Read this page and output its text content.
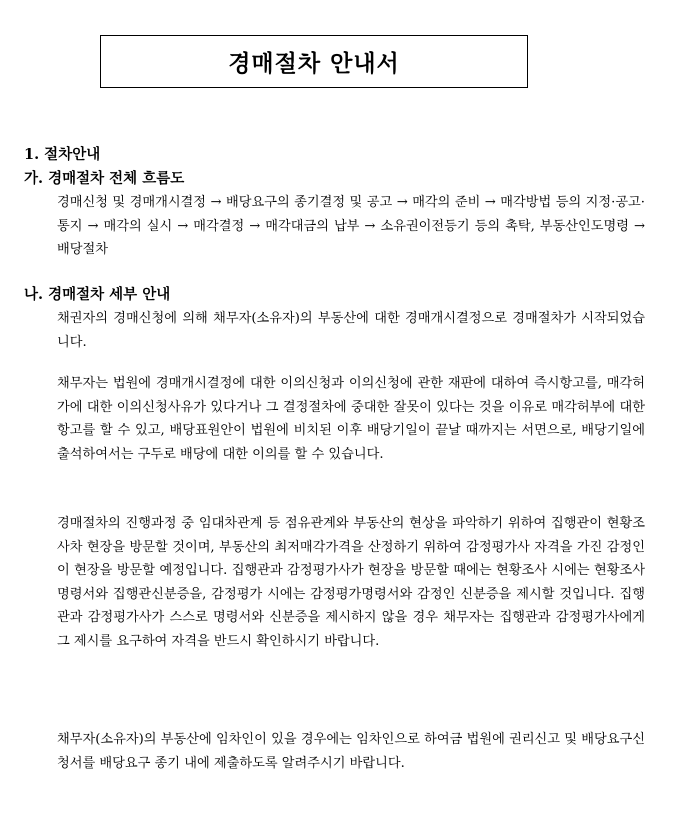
경매절차 안내서
1. 절차안내
가. 경매절차 전체 흐름도

경매신청 및 경매개시결정 → 배당요구의 종기결정 및 공고 → 매각의 준비 → 매각방법 등의 지정·공고·통지 → 매각의 실시 → 매각결정 → 매각대금의 납부 → 소유권이전등기 등의 촉탁, 부동산인도명령 → 배당절차

나. 경매절차 세부 안내

채권자의 경매신청에 의해 채무자(소유자)의 부동산에 대한 경매개시결정으로 경매절차가 시작되었습니다.

채무자는 법원에 경매개시결정에 대한 이의신청과 이의신청에 관한 재판에 대하여 즉시항고를, 매각허가에 대한 이의신청사유가 있다거나 그 결정절차에 중대한 잘못이 있다는 것을 이유로 매각허부에 대한 항고를 할 수 있고, 배당표원안이 법원에 비치된 이후 배당기일이 끝날 때까지는 서면으로, 배당기일에 출석하여서는 구두로 배당에 대한 이의를 할 수 있습니다.

경매절차의 진행과정 중 임대차관계 등 점유관계와 부동산의 현상을 파악하기 위하여 집행관이 현황조사차 현장을 방문할 것이며, 부동산의 최저매각가격을 산정하기 위하여 감정평가사 자격을 가진 감정인이 현장을 방문할 예정입니다. 집행관과 감정평가사가 현장을 방문할 때에는 현황조사 시에는 현황조사명령서와 집행관신분증을, 감정평가 시에는 감정평가명령서와 감정인 신분증을 제시할 것입니다. 집행관과 감정평가사가 스스로 명령서와 신분증을 제시하지 않을 경우 채무자는 집행관과 감정평가사에게 그 제시를 요구하여 자격을 반드시 확인하시기 바랍니다.

채무자(소유자)의 부동산에 임차인이 있을 경우에는 임차인으로 하여금 법원에 권리신고 및 배당요구신청서를 배당요구 종기 내에 제출하도록 알려주시기 바랍니다.
